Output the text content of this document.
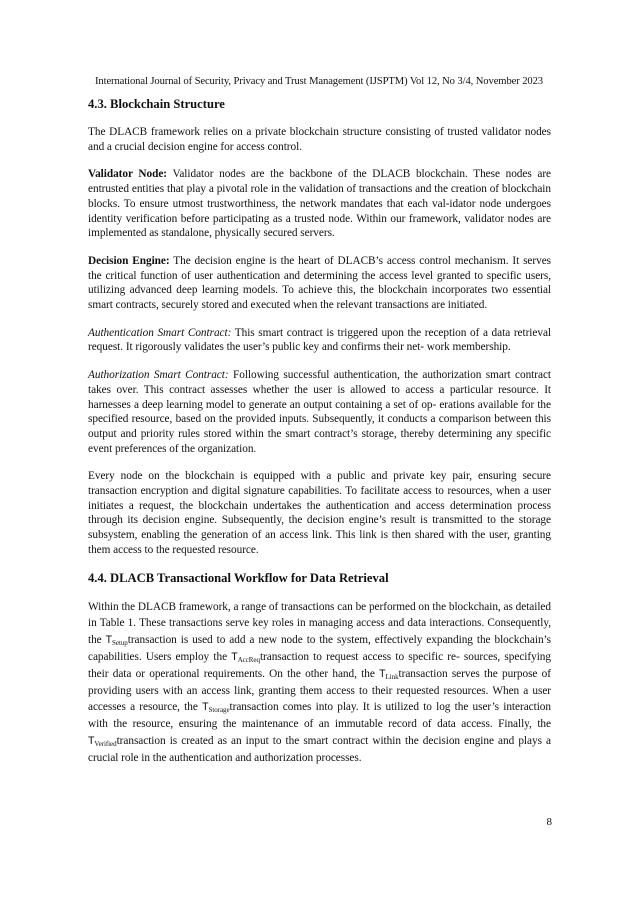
International Journal of Security, Privacy and Trust Management (IJSPTM) Vol 12, No 3/4, November 2023
4.3. Blockchain Structure

The DLACB framework relies on a private blockchain structure consisting of trusted validator nodes and a crucial decision engine for access control.

Validator Node: Validator nodes are the backbone of the DLACB blockchain. These nodes are entrusted entities that play a pivotal role in the validation of transactions and the creation of blockchain blocks. To ensure utmost trustworthiness, the network mandates that each val-idator node undergoes identity verification before participating as a trusted node. Within our framework, validator nodes are implemented as standalone, physically secured servers.

Decision Engine: The decision engine is the heart of DLACB’s access control mechanism. It serves the critical function of user authentication and determining the access level granted to specific users, utilizing advanced deep learning models. To achieve this, the blockchain incorporates two essential smart contracts, securely stored and executed when the relevant transactions are initiated.

Authentication Smart Contract: This smart contract is triggered upon the reception of a data retrieval request. It rigorously validates the user’s public key and confirms their net- work membership.

Authorization Smart Contract: Following successful authentication, the authorization smart contract takes over. This contract assesses whether the user is allowed to access a particular resource. It harnesses a deep learning model to generate an output containing a set of op- erations available for the specified resource, based on the provided inputs. Subsequently, it conducts a comparison between this output and priority rules stored within the smart contract’s storage, thereby determining any specific event preferences of the organization.

Every node on the blockchain is equipped with a public and private key pair, ensuring secure transaction encryption and digital signature capabilities. To facilitate access to resources, when a user initiates a request, the blockchain undertakes the authentication and access determination process through its decision engine. Subsequently, the decision engine’s result is transmitted to the storage subsystem, enabling the generation of an access link. This link is then shared with the user, granting them access to the requested resource.

4.4. DLACB Transactional Workflow for Data Retrieval

Within the DLACB framework, a range of transactions can be performed on the blockchain, as detailed in Table 1. These transactions serve key roles in managing access and data interactions. Consequently, the $T_{Setup}transaction$ is used to add a new node to the system, effectively expanding the blockchain’s capabilities. Users employ the $T_{AccReq}transaction$ to request access to specific re- sources, specifying their data or operational requirements. On the other hand, the $T_{Link}transaction$ serves the purpose of providing users with an access link, granting them access to their requested resources. When a user accesses a resource, the $T_{Storage}transaction$ comes into play. It is utilized to log the user’s interaction with the resource, ensuring the maintenance of an immutable record of data access. Finally, the $T_{Verified}transaction$ is created as an input to the smart contract within the decision engine and plays a crucial role in the authentication and authorization processes.

8
